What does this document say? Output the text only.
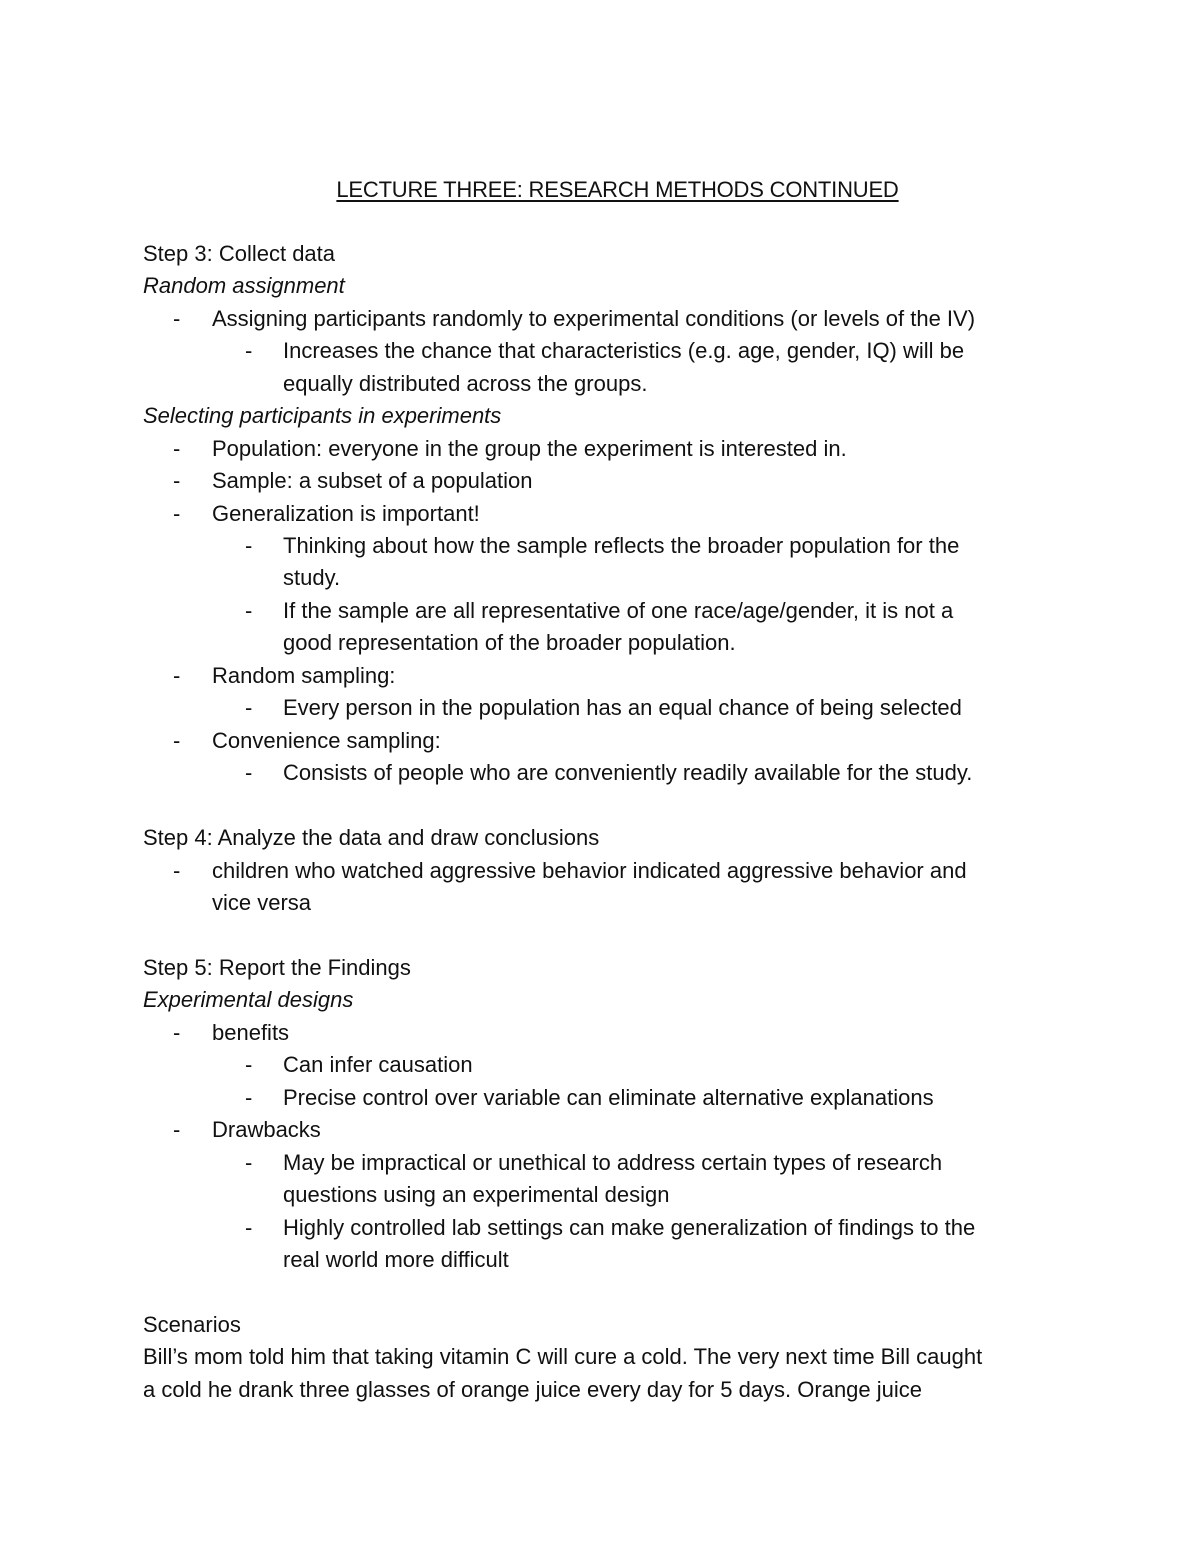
LECTURE THREE: RESEARCH METHODS CONTINUED
Step 3: Collect data
Random assignment
- Assigning participants randomly to experimental conditions (or levels of the IV)
- Increases the chance that characteristics (e.g. age, gender, IQ) will be
equally distributed across the groups.
Selecting participants in experiments
- Population: everyone in the group the experiment is interested in.
- Sample: a subset of a population
- Generalization is important!
- Thinking about how the sample reflects the broader population for the
study.
- If the sample are all representative of one race/age/gender, it is not a
good representation of the broader population.
- Random sampling:
- Every person in the population has an equal chance of being selected
- Convenience sampling:
- Consists of people who are conveniently readily available for the study.
Step 4: Analyze the data and draw conclusions
- children who watched aggressive behavior indicated aggressive behavior and
vice versa
Step 5: Report the Findings
Experimental designs
- benefits
- Can infer causation
- Precise control over variable can eliminate alternative explanations
- Drawbacks
- May be impractical or unethical to address certain types of research
questions using an experimental design
- Highly controlled lab settings can make generalization of findings to the
real world more difficult
Scenarios
Bill’s mom told him that taking vitamin C will cure a cold. The very next time Bill caught
a cold he drank three glasses of orange juice every day for 5 days. Orange juice
